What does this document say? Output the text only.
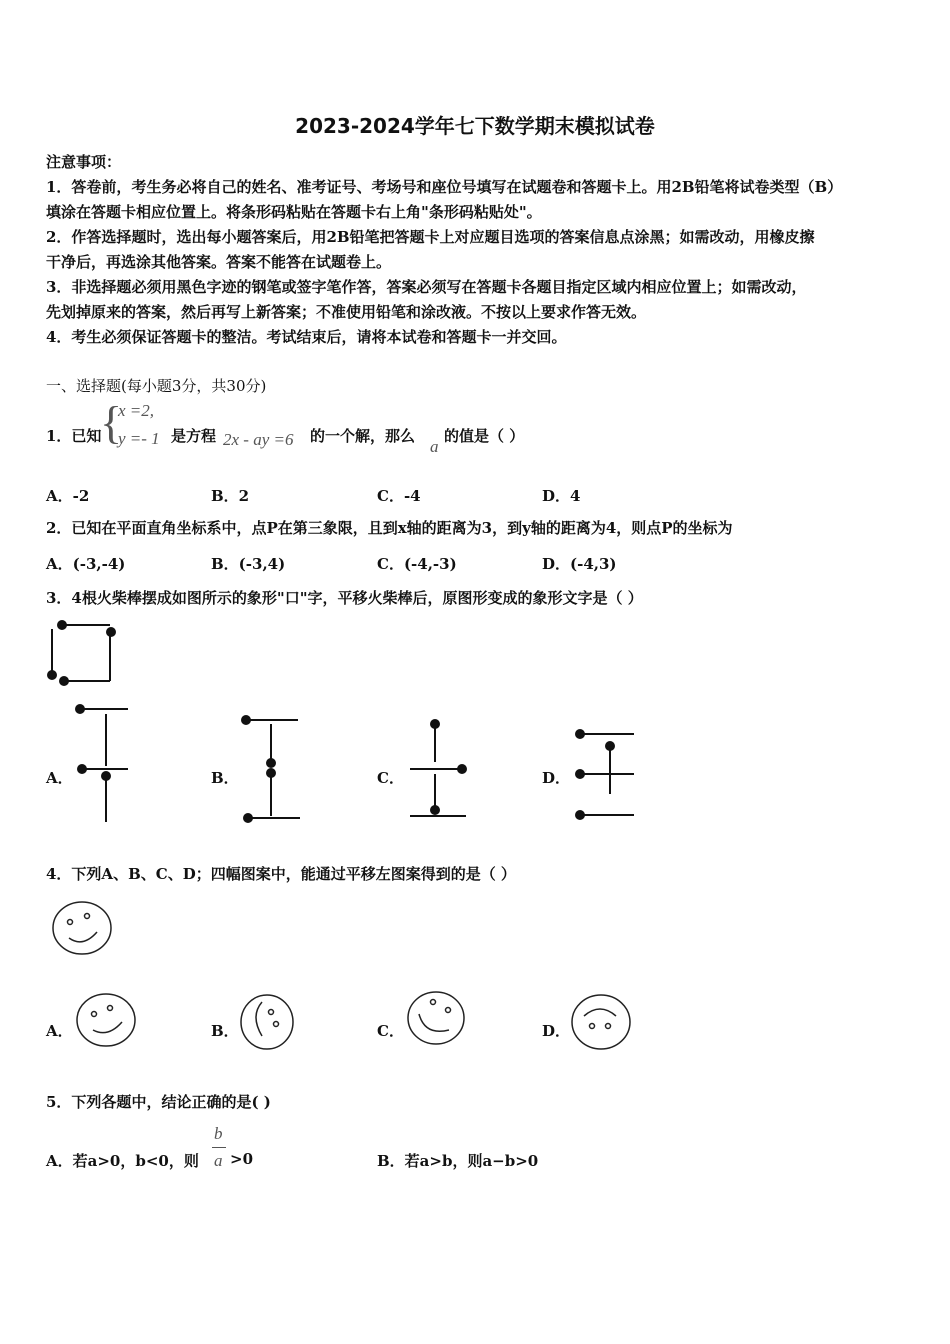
2023-2024学年七下数学期末模拟试卷
注意事项：
1．答卷前，考生务必将自己的姓名、准考证号、考场号和座位号填写在试题卷和答题卡上。用2B铅笔将试卷类型（B）
填涂在答题卡相应位置上。将条形码粘贴在答题卡右上角"条形码粘贴处"。
2．作答选择题时，选出每小题答案后，用2B铅笔把答题卡上对应题目选项的答案信息点涂黑；如需改动，用橡皮擦
干净后，再选涂其他答案。答案不能答在试题卷上。
3．非选择题必须用黑色字迹的钢笔或签字笔作答，答案必须写在答题卡各题目指定区域内相应位置上；如需改动，
先划掉原来的答案，然后再写上新答案；不准使用铅笔和涂改液。不按以上要求作答无效。
4．考生必须保证答题卡的整洁。考试结束后，请将本试卷和答题卡一并交回。
一、选择题(每小题3分，共30分)
1．已知
{
x =2,
y =- 1 是方程 2x - ay =6 的一个解，那么
a
的值是（ ）
A．-2	B．2	C．-4	D．4
2．已知在平面直角坐标系中，点P在第三象限，且到x轴的距离为3，到y轴的距离为4，则点P的坐标为
A．(-3,-4)	B．(-3,4)	C．(-4,-3)	D．(-4,3)
3．4根火柴棒摆成如图所示的象形"口"字，平移火柴棒后，原图形变成的象形文字是（ ）
A．	B．	C．	D．
4．下列A、B、C、D；四幅图案中，能通过平移左图案得到的是（ ）
A．	B．	C．	D．
5．下列各题中，结论正确的是( )
A．若a>0，b<0，则
b
a >0	B．若a>b，则a−b>0
